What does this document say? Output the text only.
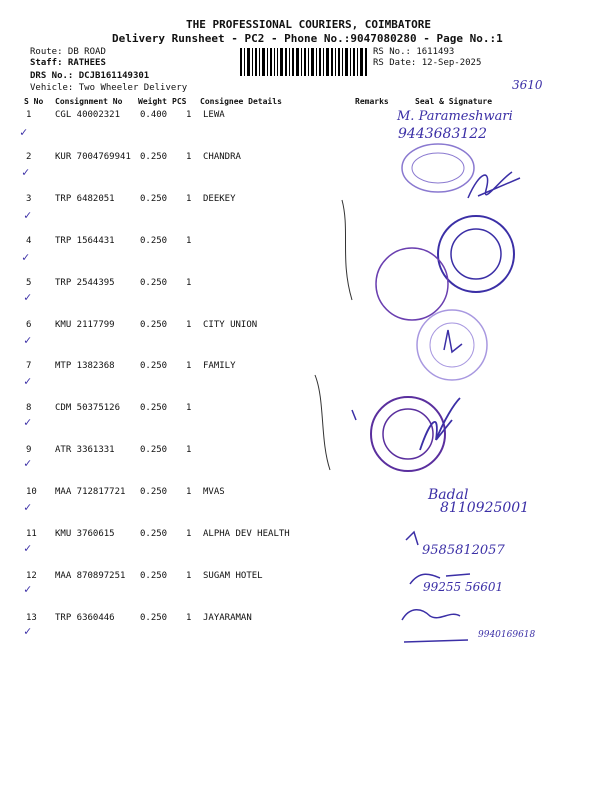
THE PROFESSIONAL COURIERS, COIMBATORE
Delivery Runsheet - PC2 - Phone No.:9047080280 - Page No.:1
Route: DB ROAD
Staff: RATHEES
DRS No.: DCJB161149301
Vehicle: Two Wheeler Delivery
RS No.: 1611493
RS Date: 12-Sep-2025
S No Consignment No Weight PCS Consignee Details	Remarks	Seal & Signature
1	CGL 40002321 0.400 1 LEWA
2	KUR 7004769941 0.250 1 CHANDRA
3	TRP 6482051	0.250 1 DEEKEY
4	TRP 1564431	0.250 1
5	TRP 2544395	0.250 1
6	KMU 2117799	0.250 1 CITY UNION
7	MTP 1382368	0.250 1 FAMILY
8	CDM 50375126 0.250 1
9	ATR 3361331	0.250 1
10 MAA 712817721 0.250 1 MVAS
11 KMU 3760615	0.250 1 ALPHA DEV HEALTH
12 MAA 870897251 0.250 1 SUGAM HOTEL
13 TRP 6360446	0.250 1 JAYARAMAN
3610
M. Parameshwari
9443683122
Badal
8110925001
9585812057
99255 56601
9940169618
✓
✓
✓
✓
✓
✓
✓
✓
✓
✓
✓
✓
✓
